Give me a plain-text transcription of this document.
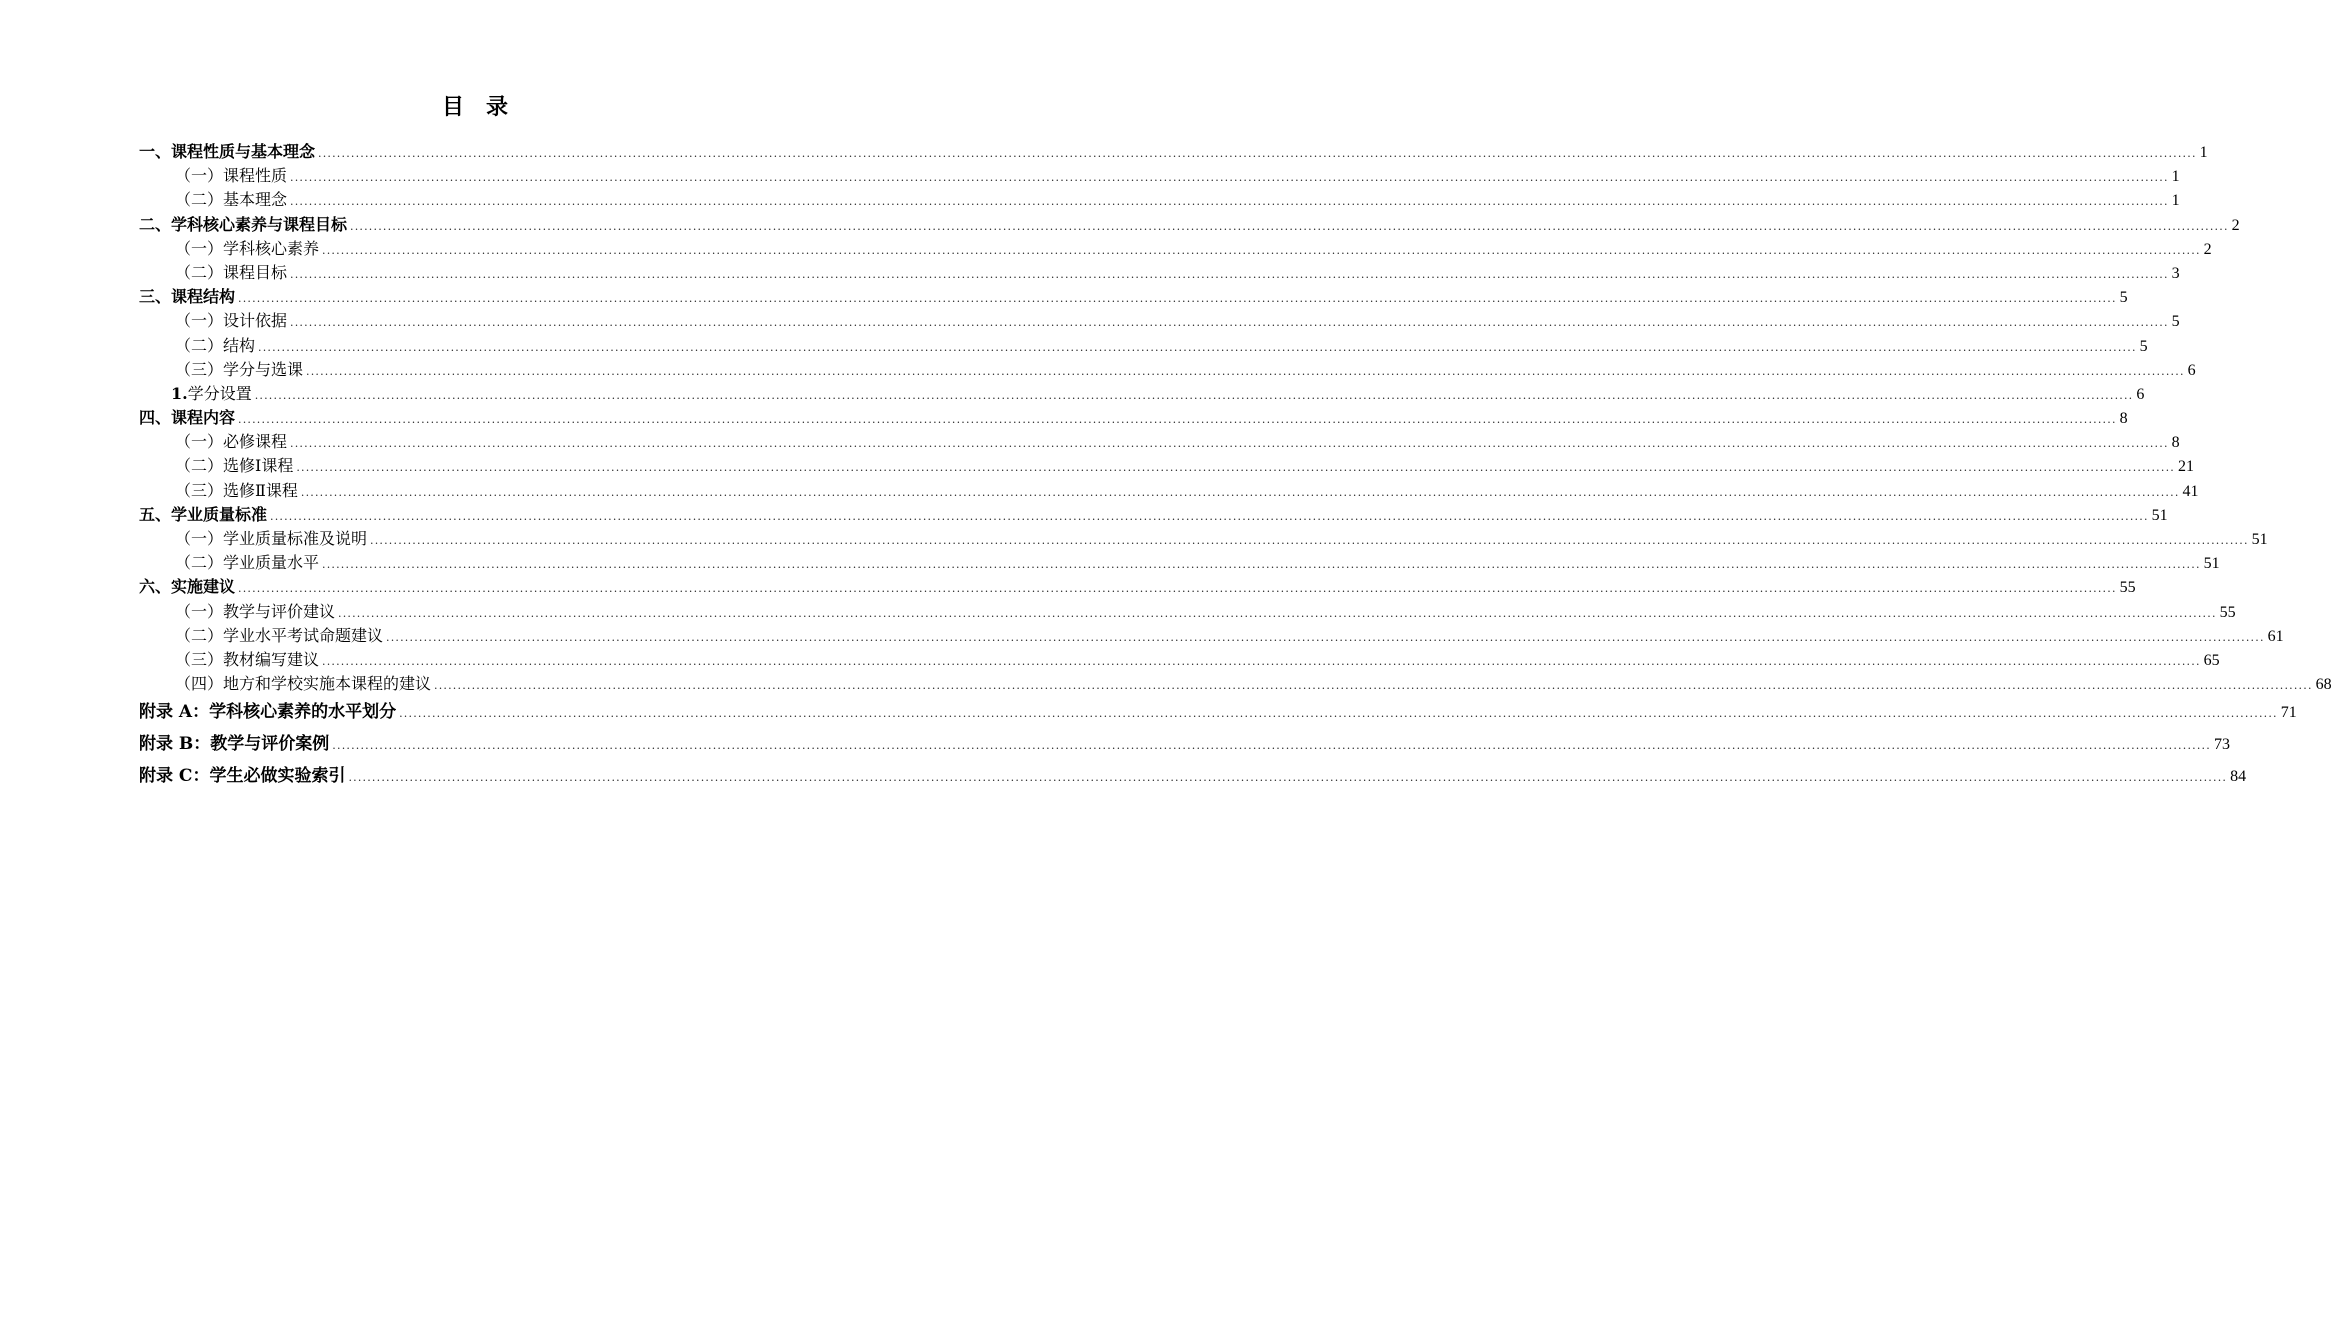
目录
一、课程性质与基本理念 ................................................................................................................................................................................................................................................................................................................................................................................................................ 1
（一）课程性质 ................................................................................................................................................................................................................................................................................................................................................................................................................ 1
（二）基本理念 ................................................................................................................................................................................................................................................................................................................................................................................................................ 1
二、学科核心素养与课程目标 ................................................................................................................................................................................................................................................................................................................................................................................................................ 2
（一）学科核心素养 ................................................................................................................................................................................................................................................................................................................................................................................................................ 2
（二）课程目标 ................................................................................................................................................................................................................................................................................................................................................................................................................ 3
三、课程结构 ................................................................................................................................................................................................................................................................................................................................................................................................................ 5
（一）设计依据 ................................................................................................................................................................................................................................................................................................................................................................................................................ 5
（二）结构 ................................................................................................................................................................................................................................................................................................................................................................................................................ 5
（三）学分与选课 ................................................................................................................................................................................................................................................................................................................................................................................................................ 6
1.学分设置 ................................................................................................................................................................................................................................................................................................................................................................................................................ 6
四、课程内容 ................................................................................................................................................................................................................................................................................................................................................................................................................ 8
（一）必修课程 ................................................................................................................................................................................................................................................................................................................................................................................................................ 8
（二）选修Ⅰ课程 ................................................................................................................................................................................................................................................................................................................................................................................................................ 21
（三）选修Ⅱ课程 ................................................................................................................................................................................................................................................................................................................................................................................................................ 41
五、学业质量标准 ................................................................................................................................................................................................................................................................................................................................................................................................................ 51
（一）学业质量标准及说明 ................................................................................................................................................................................................................................................................................................................................................................................................................ 51
（二）学业质量水平 ................................................................................................................................................................................................................................................................................................................................................................................................................ 51
六、实施建议 ................................................................................................................................................................................................................................................................................................................................................................................................................ 55
（一）教学与评价建议 ................................................................................................................................................................................................................................................................................................................................................................................................................ 55
（二）学业水平考试命题建议 ................................................................................................................................................................................................................................................................................................................................................................................................................ 61
（三）教材编写建议 ................................................................................................................................................................................................................................................................................................................................................................................................................ 65
（四）地方和学校实施本课程的建议 ................................................................................................................................................................................................................................................................................................................................................................................................................ 68
附录 A：学科核心素养的水平划分 ................................................................................................................................................................................................................................................................................................................................................................................................................ 71
附录 B：教学与评价案例 ................................................................................................................................................................................................................................................................................................................................................................................................................ 73
附录 C：学生必做实验索引 ................................................................................................................................................................................................................................................................................................................................................................................................................ 84
